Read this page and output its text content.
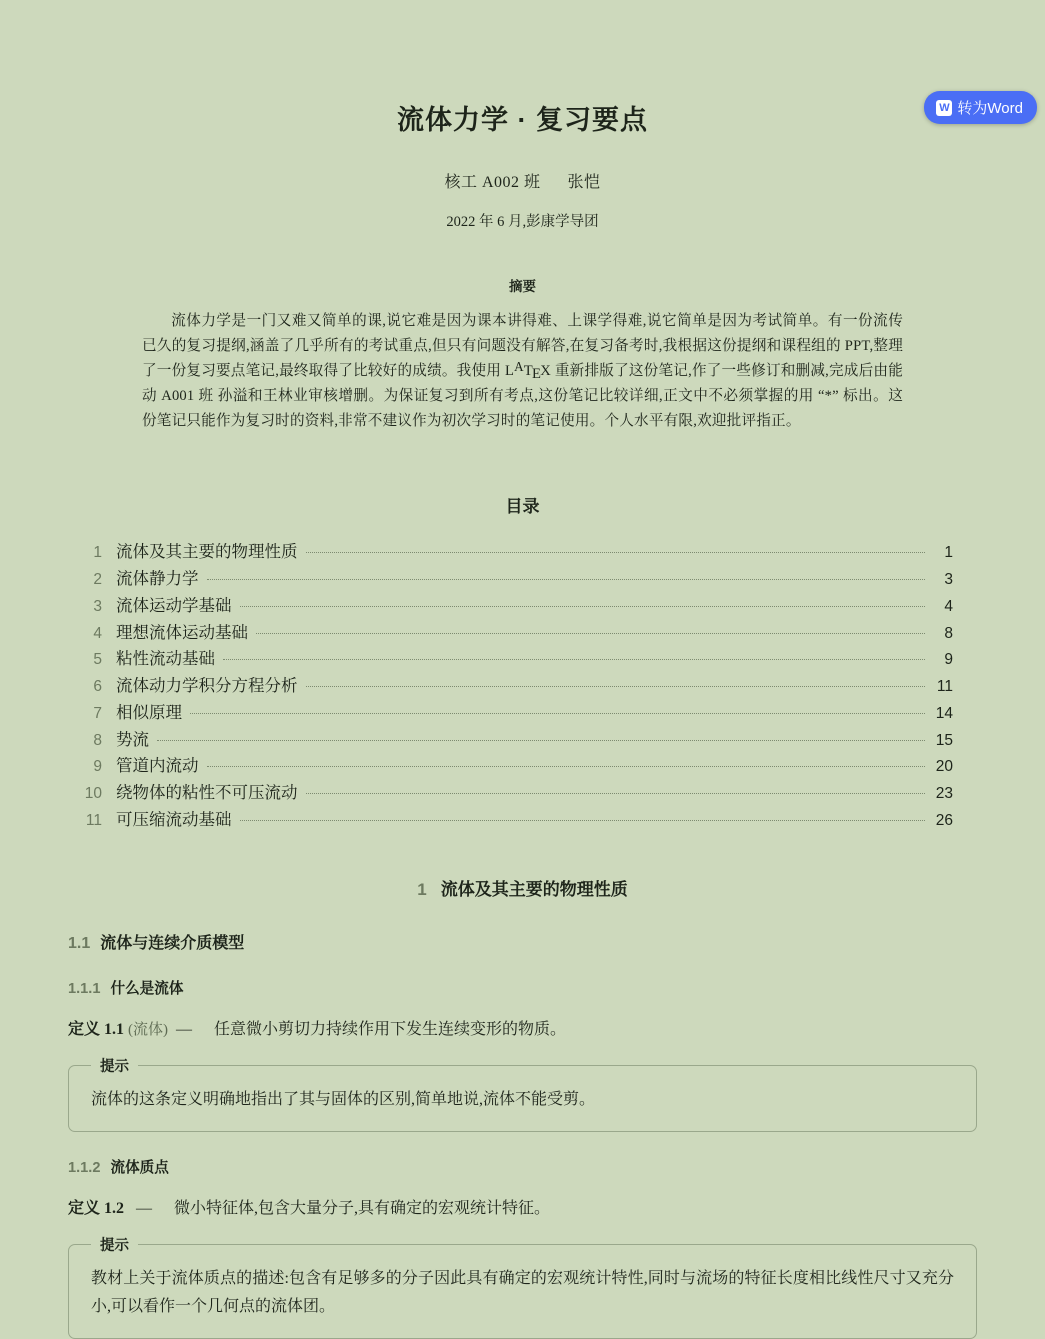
W 转为Word
流体力学 · 复习要点
核工 A002 班 张恺
2022 年 6 月,彭康学导团
摘要
流体力学是一门又难又简单的课,说它难是因为课本讲得难、上课学得难,说它简单是因为考试简单。有一份流传已久的复习提纲,涵盖了几乎所有的考试重点,但只有问题没有解答,在复习备考时,我根据这份提纲和课程组的 PPT,整理了一份复习要点笔记,最终取得了比较好的成绩。我使用 LATEX 重新排版了这份笔记,作了一些修订和删减,完成后由能动 A001 班 孙溢和王林业审核增删。为保证复习到所有考点,这份笔记比较详细,正文中不必须掌握的用 “*” 标出。这份笔记只能作为复习时的资料,非常不建议作为初次学习时的笔记使用。个人水平有限,欢迎批评指正。
目录
1 流体及其主要的物理性质	1
2 流体静力学	3
3 流体运动学基础	4
4 理想流体运动基础	8
5 粘性流动基础	9
6 流体动力学积分方程分析	11
7 相似原理	14
8 势流	15
9 管道内流动	20
10 绕物体的粘性不可压流动	23
11 可压缩流动基础	26
1 流体及其主要的物理性质
1.1 流体与连续介质模型
1.1.1 什么是流体
定义 1.1 (流体) — 任意微小剪切力持续作用下发生连续变形的物质。
提示

流体的这条定义明确地指出了其与固体的区别,简单地说,流体不能受剪。

1.1.2 流体质点
定义 1.2 — 微小特征体,包含大量分子,具有确定的宏观统计特征。
提示

教材上关于流体质点的描述:包含有足够多的分子因此具有确定的宏观统计特性,同时与流场的特征长度相比线性尺寸又充分小,可以看作一个几何点的流体团。
